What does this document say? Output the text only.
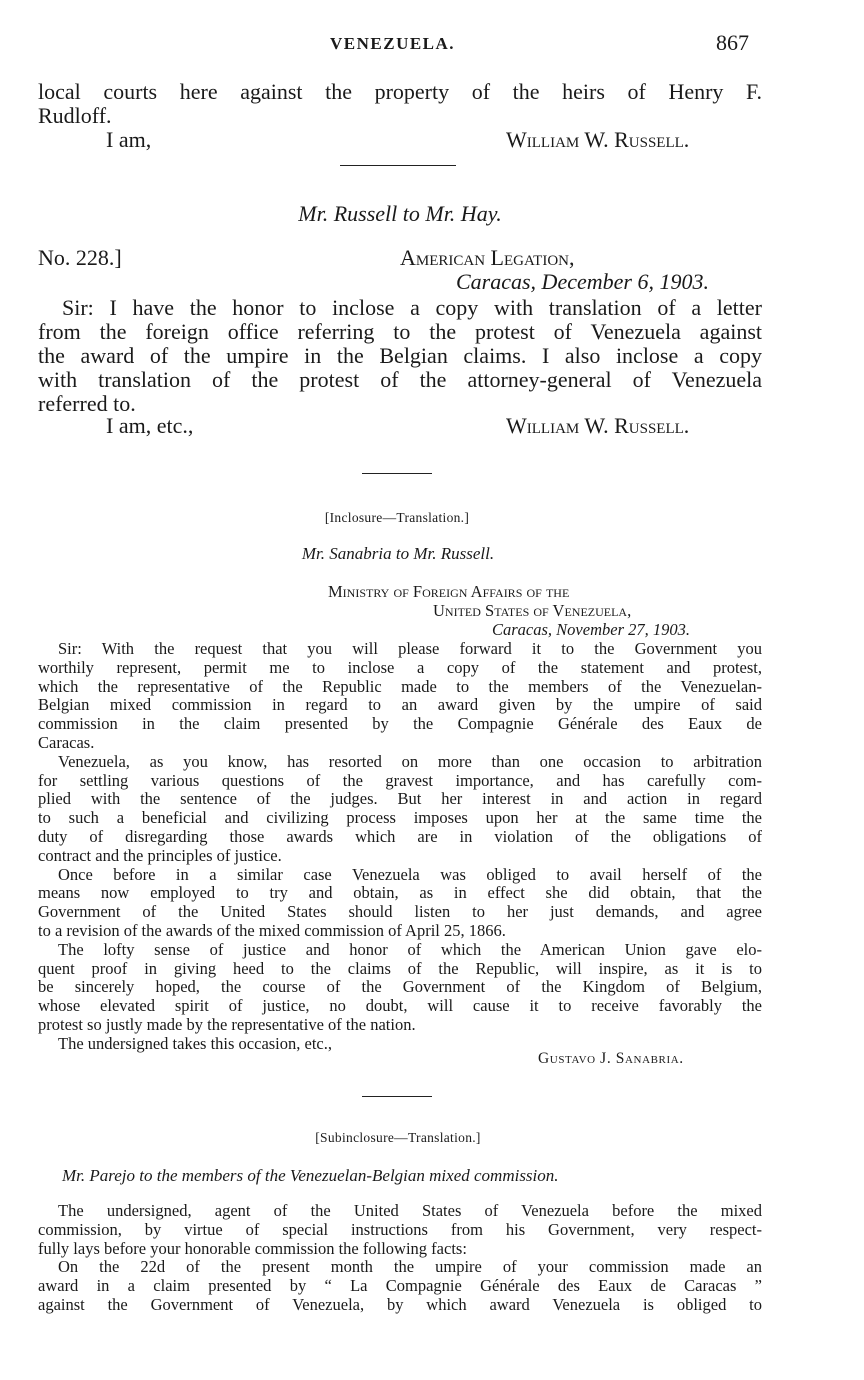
VENEZUELA.	867
local courts here against the property of the heirs of Henry F.
Rudloff.
I am,	William W. Russell.
Mr. Russell to Mr. Hay.
No. 228.]	American Legation,
Caracas, December 6, 1903.
Sir: I have the honor to inclose a copy with translation of a letter
from the foreign office referring to the protest of Venezuela against
the award of the umpire in the Belgian claims. I also inclose a copy
with translation of the protest of the attorney-general of Venezuela
referred to.
I am, etc.,	William W. Russell.
[Inclosure—Translation.]
Mr. Sanabria to Mr. Russell.
Ministry of Foreign Affairs of the
United States of Venezuela,
Caracas, November 27, 1903.
Sir: With the request that you will please forward it to the Government you
worthily represent, permit me to inclose a copy of the statement and protest,
which the representative of the Republic made to the members of the Venezuelan-
Belgian mixed commission in regard to an award given by the umpire of said
commission in the claim presented by the Compagnie Générale des Eaux de
Caracas.
Venezuela, as you know, has resorted on more than one occasion to arbitration
for settling various questions of the gravest importance, and has carefully com-
plied with the sentence of the judges. But her interest in and action in regard
to such a beneficial and civilizing process imposes upon her at the same time the
duty of disregarding those awards which are in violation of the obligations of
contract and the principles of justice.
Once before in a similar case Venezuela was obliged to avail herself of the
means now employed to try and obtain, as in effect she did obtain, that the
Government of the United States should listen to her just demands, and agree
to a revision of the awards of the mixed commission of April 25, 1866.
The lofty sense of justice and honor of which the American Union gave elo-
quent proof in giving heed to the claims of the Republic, will inspire, as it is to
be sincerely hoped, the course of the Government of the Kingdom of Belgium,
whose elevated spirit of justice, no doubt, will cause it to receive favorably the
protest so justly made by the representative of the nation.
The undersigned takes this occasion, etc.,
Gustavo J. Sanabria.
[Subinclosure—Translation.]
Mr. Parejo to the members of the Venezuelan-Belgian mixed commission.
The undersigned, agent of the United States of Venezuela before the mixed
commission, by virtue of special instructions from his Government, very respect-
fully lays before your honorable commission the following facts:
On the 22d of the present month the umpire of your commission made an
award in a claim presented by “ La Compagnie Générale des Eaux de Caracas ”
against the Government of Venezuela, by which award Venezuela is obliged to
